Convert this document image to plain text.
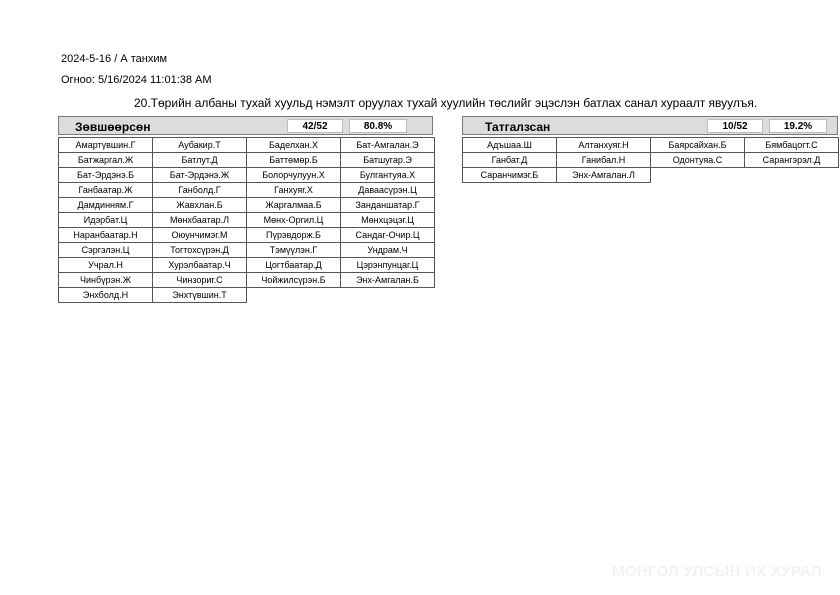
2024-5-16 / А танхим
Огноо: 5/16/2024 11:01:38 AM
20.Төрийн албаны тухай хуульд нэмэлт оруулах тухай хуулийн төслийг эцэслэн батлах санал хураалт явуулъя.
Зөвшөөрсөн	42/52	80.8%
Амартүвшин.Г	Аубакир.Т	Баделхан.Х	Бат-Амгалан.Э
Батжаргал.Ж	Батлут.Д	Баттөмөр.Б	Батшугар.Э
Бат-Эрдэнэ.Б	Бат-Эрдэнэ.Ж	Болорчулуун.Х	Булгантуяа.Х
Ганбаатар.Ж	Ганболд.Г	Ганхуяг.Х	Даваасүрэн.Ц
Дамдинням.Г	Жавхлан.Б	Жаргалмаа.Б	Занданшатар.Г
Идэрбат.Ц	Мөнхбаатар.Л	Мөнх-Оргил.Ц	Мөнхцэцэг.Ц
Наранбаатар.Н	Оюунчимэг.М	Пүрэвдорж.Б	Сандаг-Очир.Ц
Сэргэлэн.Ц	Тогтохсүрэн.Д	Тэмүүлэн.Г	Ундрам.Ч
Учрал.Н	Хурэлбаатар.Ч	Цогтбаатар.Д	Цэрэнпунцаг.Ц
Чинбүрэн.Ж	Чинзориг.С	Чойжилсүрэн.Б	Энх-Амгалан.Б
Энхболд.Н	Энхтүвшин.Т
Татгалзсан	10/52	19.2%
Адъшаа.Ш	Алтанхуяг.Н	Баярсайхан.Б	Бямбацогт.С
Ганбат.Д	Ганибал.Н	Одонтуяа.С	Сарангэрэл.Д
Саранчимэг.Б	Энх-Амгалан.Л
МОНГОЛ УЛСЫН ИХ ХУРАЛ
